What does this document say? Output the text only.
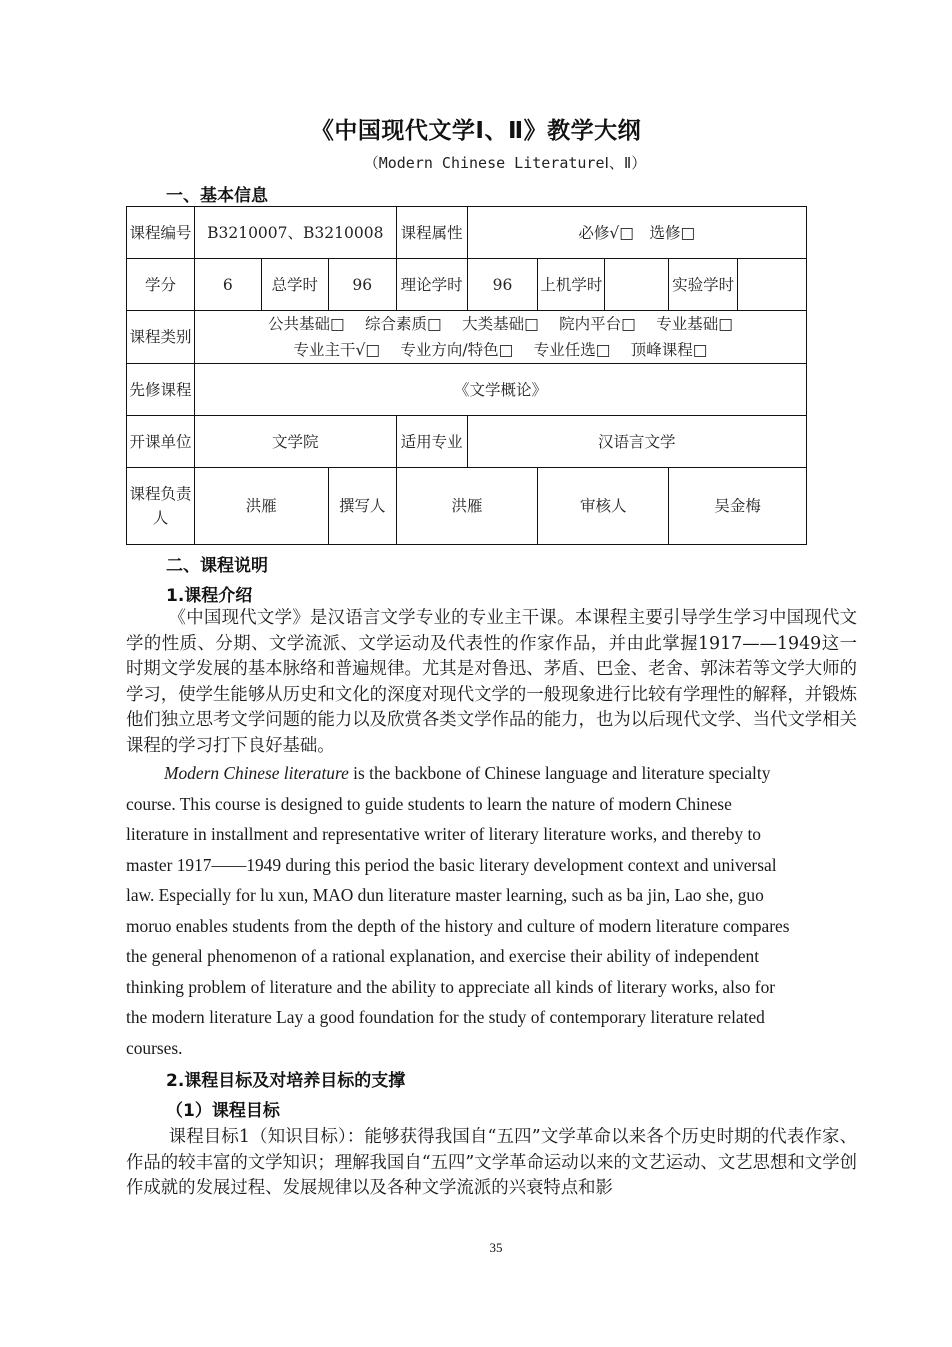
《中国现代文学Ⅰ、Ⅱ》教学大纲
（Modern Chinese LiteratureⅠ、Ⅱ）
一、基本信息
课程编号	B3210007、B3210008			课程属性	必修√□　选修□				
学分	6	总学时	96	理论学时	96	上机学时		实验学时	
课程类别	公共基础□　 综合素质□　 大类基础□　 院内平台□　 专业基础□
专业主干√□　 专业方向/特色□　 专业任选□　 顶峰课程□								

先修课程	《文学概论》								
开课单位	文学院			适用专业	汉语言文学				
课程负责人	洪雁		撰写人	洪雁		审核人		吴金梅	
二、课程说明
1.课程介绍
《中国现代文学》是汉语言文学专业的专业主干课。本课程主要引导学生学习中国现代文学的性质、分期、文学流派、文学运动及代表性的作家作品，并由此掌握1917——1949这一时期文学发展的基本脉络和普遍规律。尤其是对鲁迅、茅盾、巴金、老舍、郭沫若等文学大师的学习，使学生能够从历史和文化的深度对现代文学的一般现象进行比较有学理性的解释，并锻炼他们独立思考文学问题的能力以及欣赏各类文学作品的能力，也为以后现代文学、当代文学相关课程的学习打下良好基础。
Modern Chinese literature is the backbone of Chinese language and literature specialty
course. This course is designed to guide students to learn the nature of modern Chinese
literature in installment and representative writer of literary literature works, and thereby to
master 1917——1949 during this period the basic literary development context and universal
law. Especially for lu xun, MAO dun literature master learning, such as ba jin, Lao she, guo
moruo enables students from the depth of the history and culture of modern literature compares
the general phenomenon of a rational explanation, and exercise their ability of independent
thinking problem of literature and the ability to appreciate all kinds of literary works, also for
the modern literature Lay a good foundation for the study of contemporary literature related
courses.
2.课程目标及对培养目标的支撑
（1）课程目标
课程目标1（知识目标）：能够获得我国自“五四”文学革命以来各个历史时期的代表作家、作品的较丰富的文学知识；理解我国自“五四”文学革命运动以来的文艺运动、文艺思想和文学创作成就的发展过程、发展规律以及各种文学流派的兴衰特点和影
35
